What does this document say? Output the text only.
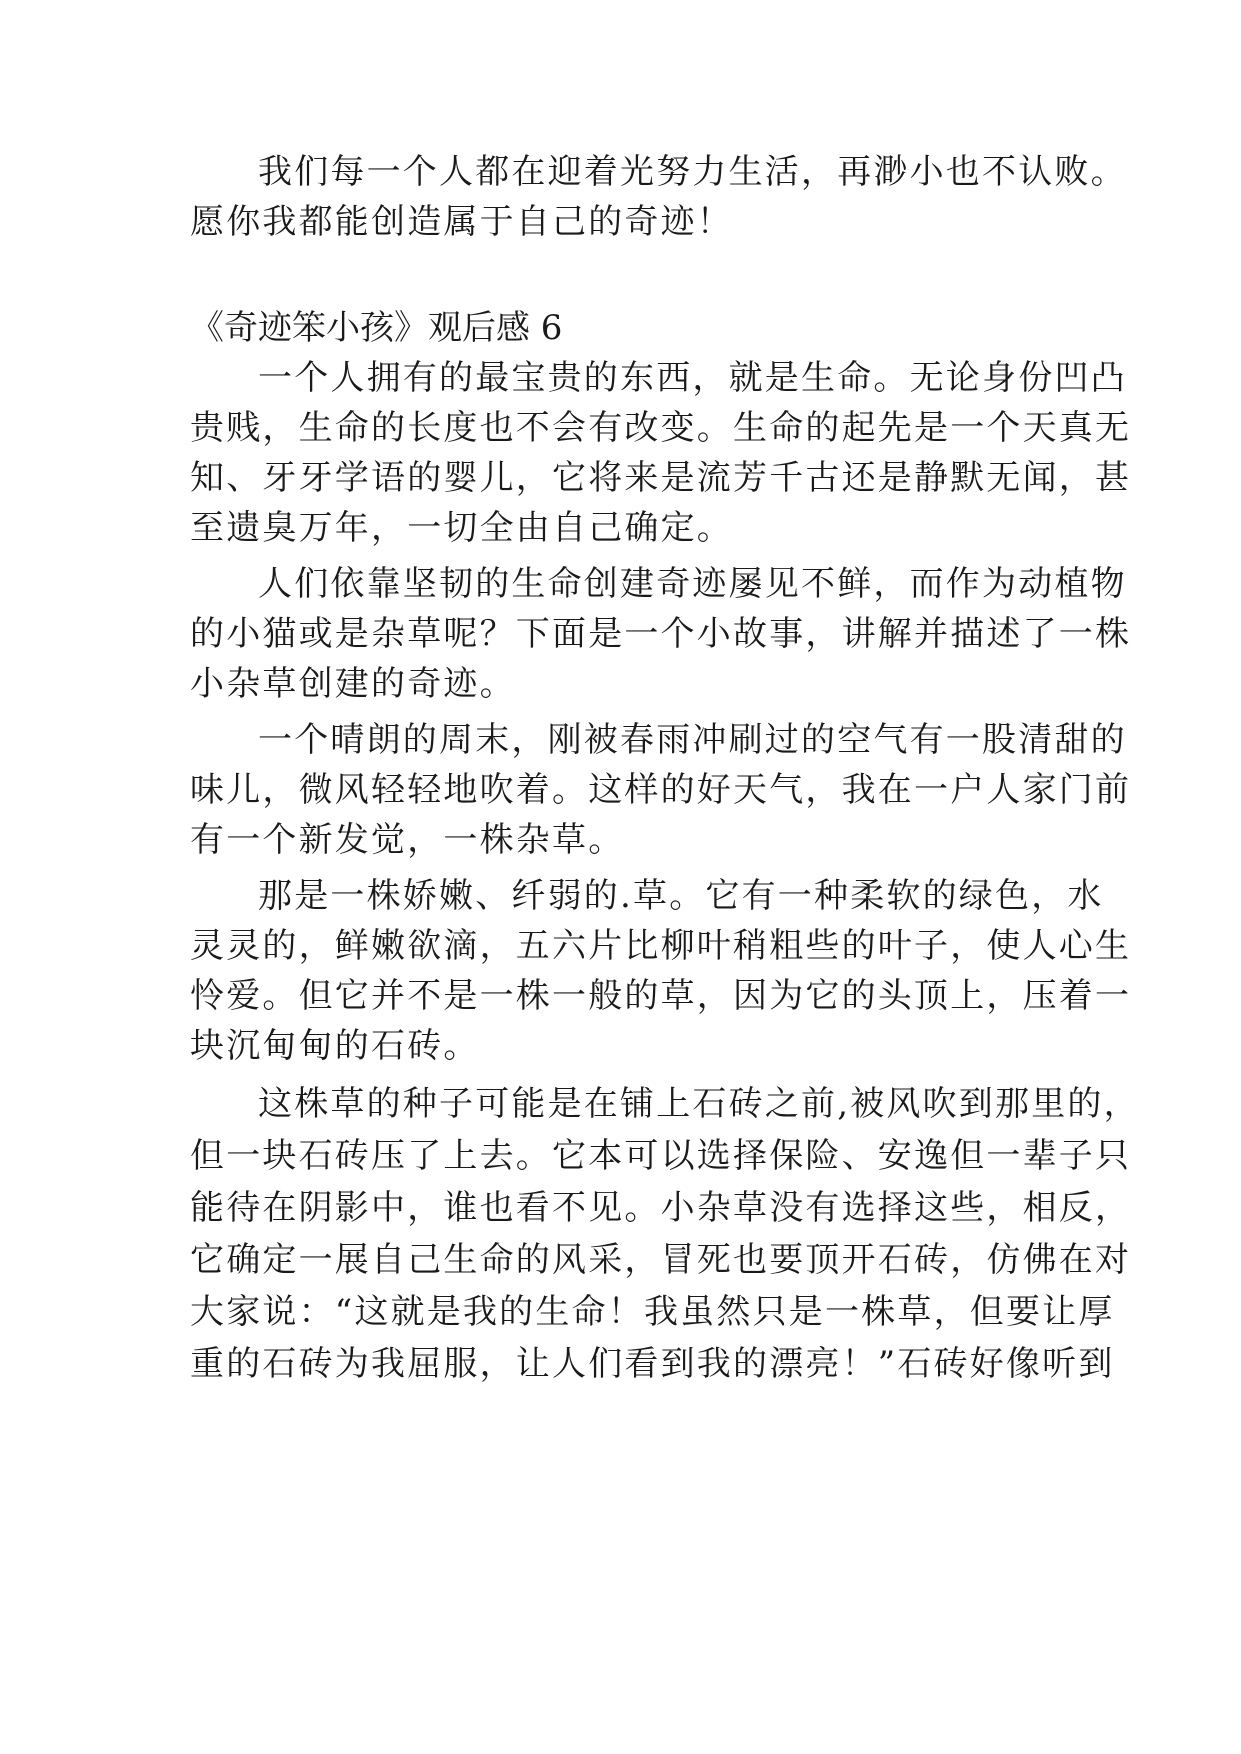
我们每一个人都在迎着光努力生活，再渺小也不认败。

愿你我都能创造属于自己的奇迹！

《奇迹笨小孩》观后感 6

一个人拥有的最宝贵的东西，就是生命。无论身份凹凸

贵贱，生命的长度也不会有改变。生命的起先是一个天真无

知、牙牙学语的婴儿，它将来是流芳千古还是静默无闻，甚

至遗臭万年，一切全由自己确定。

人们依靠坚韧的生命创建奇迹屡见不鲜，而作为动植物

的小猫或是杂草呢？下面是一个小故事，讲解并描述了一株

小杂草创建的奇迹。

一个晴朗的周末，刚被春雨冲刷过的空气有一股清甜的

味儿，微风轻轻地吹着。这样的好天气，我在一户人家门前

有一个新发觉，一株杂草。

那是一株娇嫩、纤弱的.草。它有一种柔软的绿色，水

灵灵的，鲜嫩欲滴，五六片比柳叶稍粗些的叶子，使人心生

怜爱。但它并不是一株一般的草，因为它的头顶上，压着一

块沉甸甸的石砖。

这株草的种子可能是在铺上石砖之前,被风吹到那里的，

但一块石砖压了上去。它本可以选择保险、安逸但一辈子只

能待在阴影中，谁也看不见。小杂草没有选择这些，相反，

它确定一展自己生命的风采，冒死也要顶开石砖，仿佛在对

大家说：“这就是我的生命！我虽然只是一株草，但要让厚

重的石砖为我屈服，让人们看到我的漂亮！”石砖好像听到
